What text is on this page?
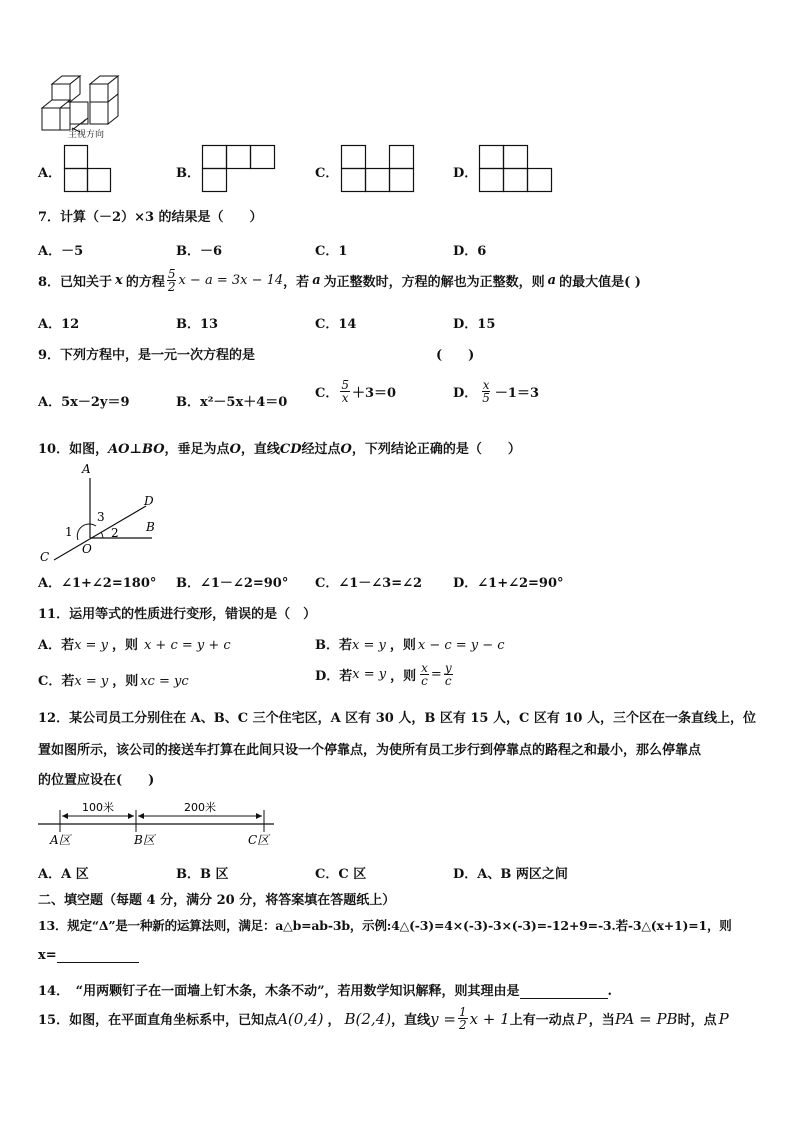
主视方向
A．	B．	C．	D．
7．计算（－2）×3 的结果是（　　）
A．－5	B．－6	C．1	D．6
8．已知关于 x 的方程 $\frac{5}{2}$ x − a = 3x − 14 ，若 a 为正整数时，方程的解也为正整数，则 a 的最大值是( )
A．12	B．13	C．14	D．15
9．下列方程中，是一元一次方程的是	(　　)
A．5x－2y＝9	B．x²－5x＋4＝0
C． $\frac{5}{x} +3=0$	D． $\frac{x}{5} -1=3$
10．如图，AO⊥BO，垂足为点O，直线CD经过点O，下列结论正确的是（　　）
A
D
B
C
O
1	2
3
A．∠1+∠2=180° B．∠1－∠2=90° C．∠1－∠3=∠2 D．∠1+∠2=90°
11．运用等式的性质进行变形，错误的是（　）
A．若x = y ，则 x + c = y + c	B．若x = y ，则 x − c = y − c
C．若x = y ，则 xc = yc	D．若 x = y ，则 $\frac{x}{c} = \frac{y}{c}$
12．某公司员工分别住在 A、B、C 三个住宅区，A 区有 30 人，B 区有 15 人，C 区有 10 人，三个区在一条直线上，位
置如图所示，该公司的接送车打算在此间只设一个停靠点，为使所有员工步行到停靠点的路程之和最小，那么停靠点
的位置应设在(　　)
100米	200米
A区	B区	C区
A．A 区	B．B 区	C．C 区	D．A、B 两区之间
二、填空题（每题 4 分，满分 20 分，将答案填在答题纸上）
13．规定“Δ”是一种新的运算法则，满足：a△b=ab-3b，示例:4△(-3)=4×(-3)-3×(-3)=-12+9=-3.若-3△(x+1)=1，则
x=
14．　“用两颗钉子在一面墙上钉木条，木条不动”，若用数学知识解释，则其理由是	.
15．如图，在平面直角坐标系中，已知点 A(0,4) ， B(2,4) ，直线 $y = \frac{1}{2}$ x + 1 上有一动点 P ，当 PA = PB 时，点 P
